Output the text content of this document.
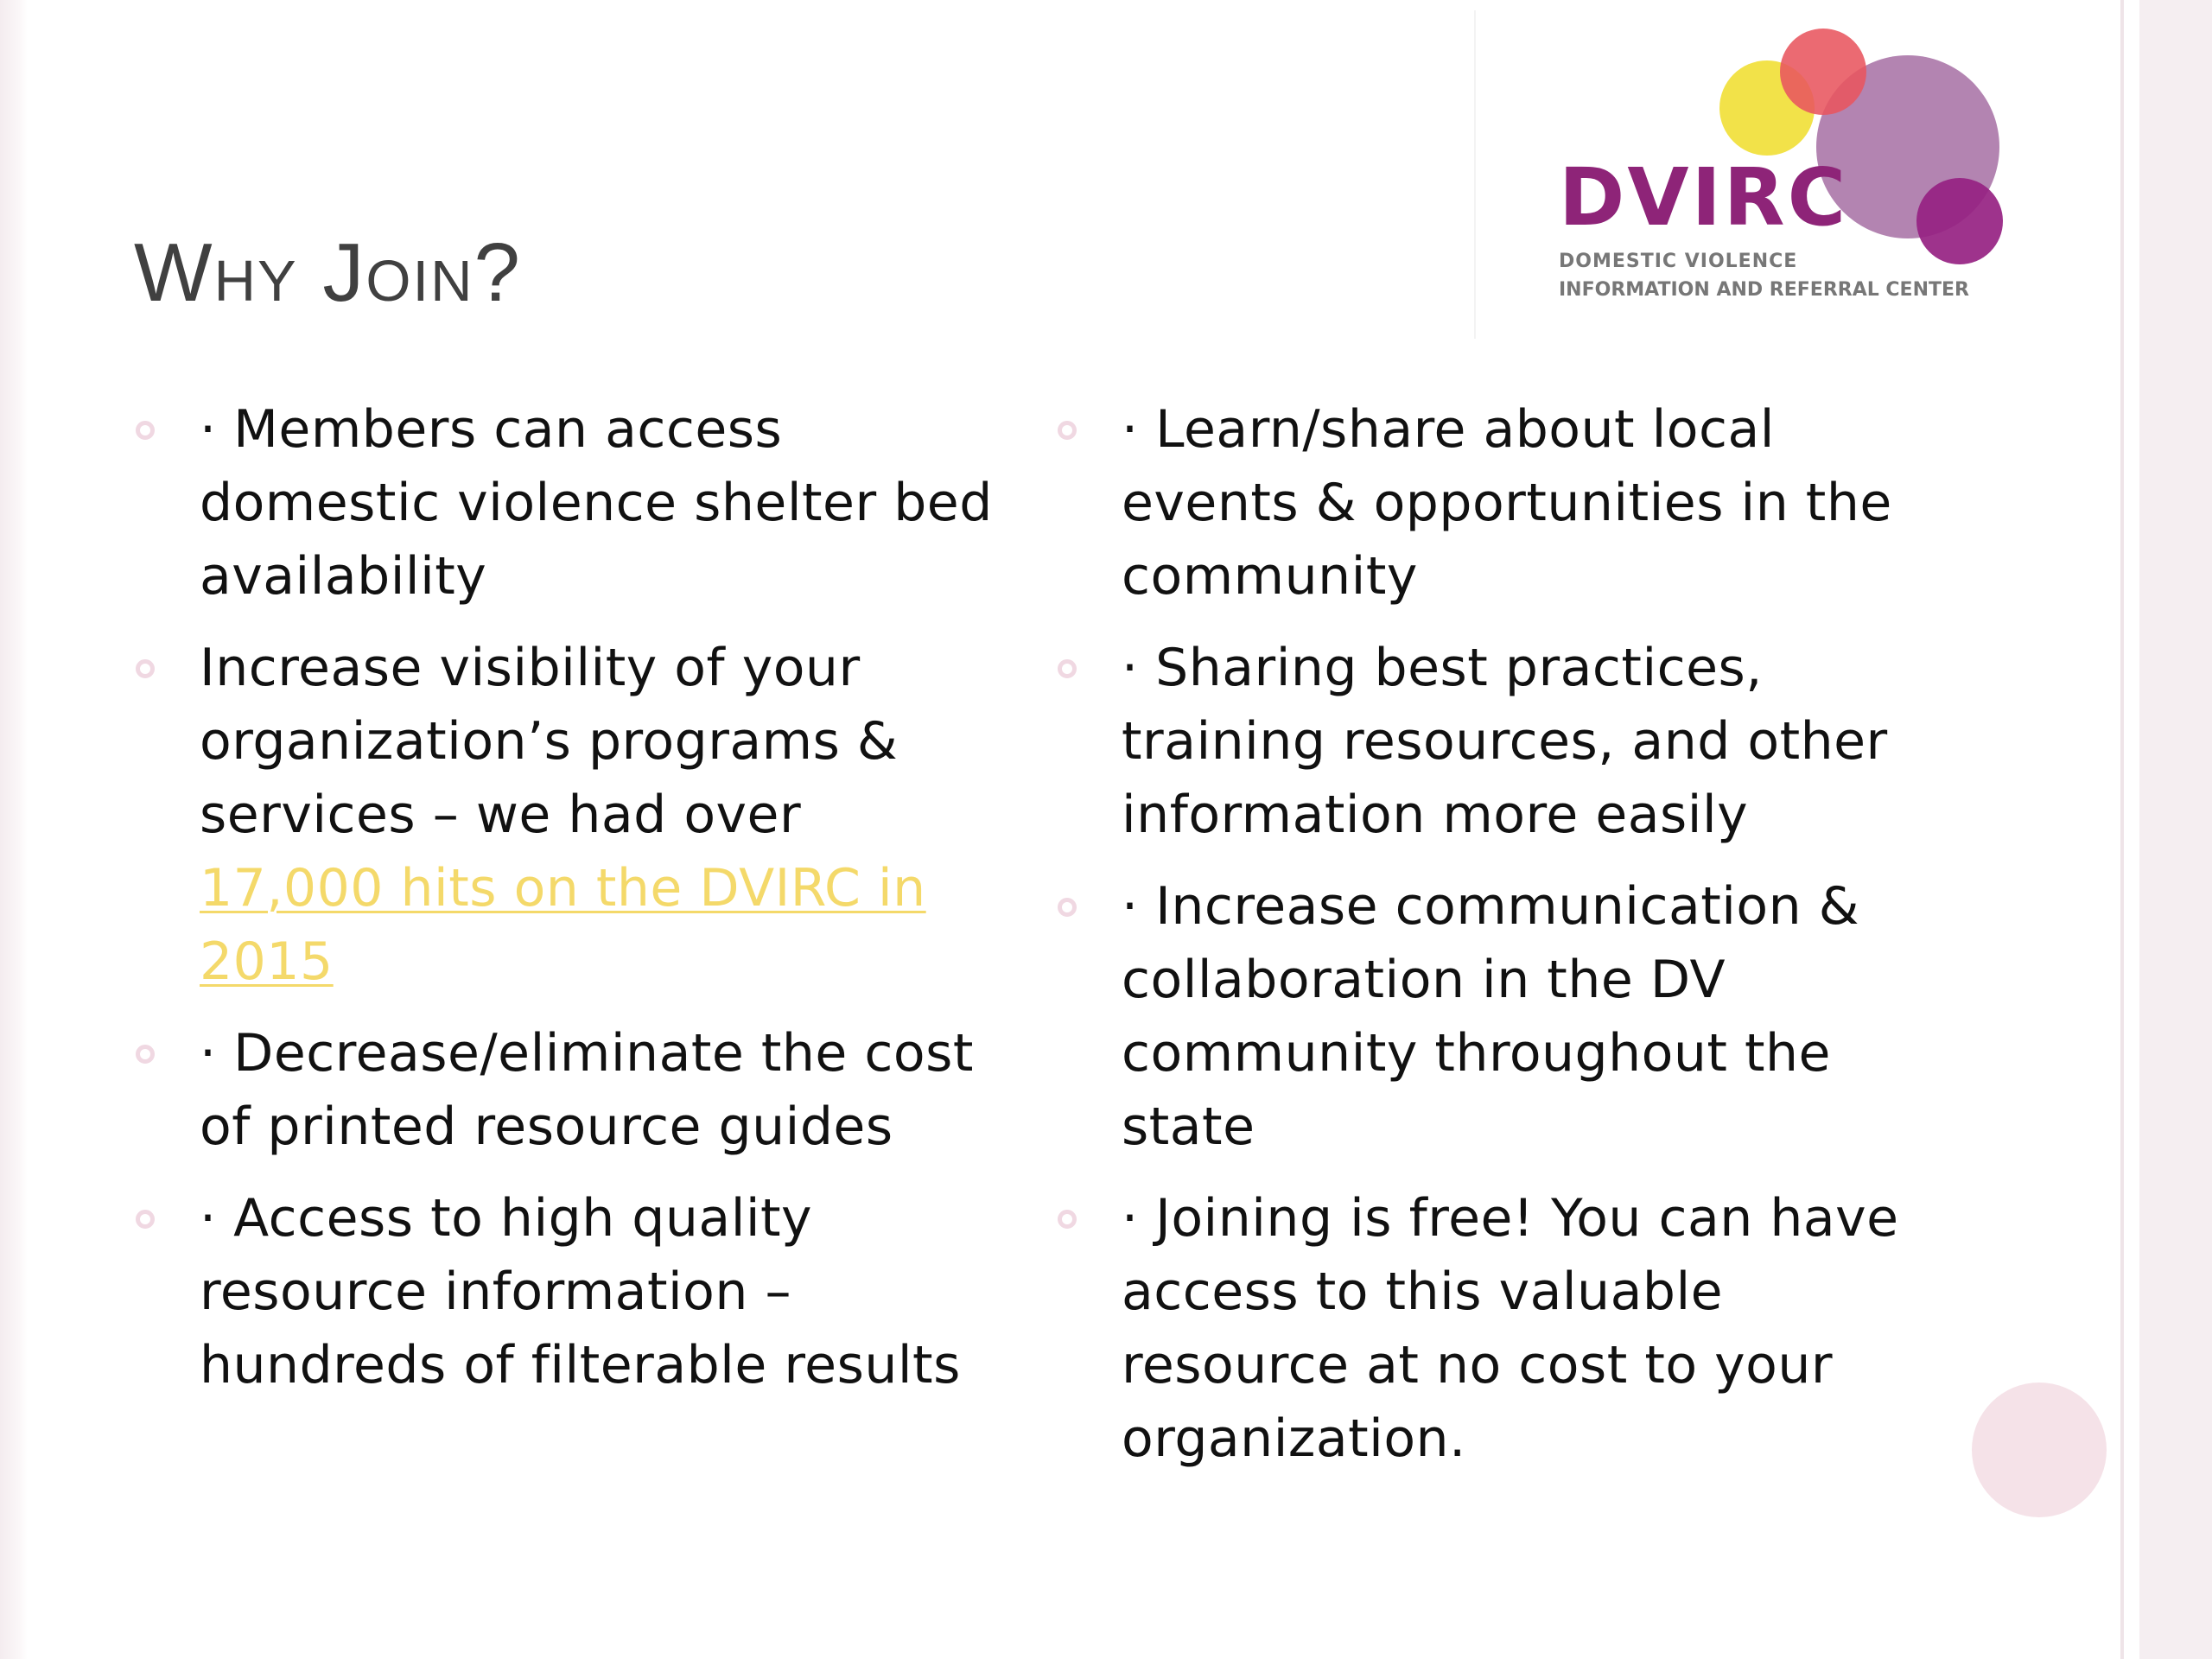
DVIRC
DOMESTIC VIOLENCE
INFORMATION AND REFERRAL CENTER
Why Join?
· Members can access domestic violence shelter bed availability
Increase visibility of your organization’s programs & services – we had over 17,000 hits on the DVIRC in 2015
· Decrease/eliminate the cost of printed resource guides
· Access to high quality resource information – hundreds of filterable results
· Learn/share about local events & opportunities in the community
· Sharing best practices, training resources, and other information more easily
· Increase communication & collaboration in the DV community throughout the state
· Joining is free! You can have access to this valuable resource at no cost to your organization.
